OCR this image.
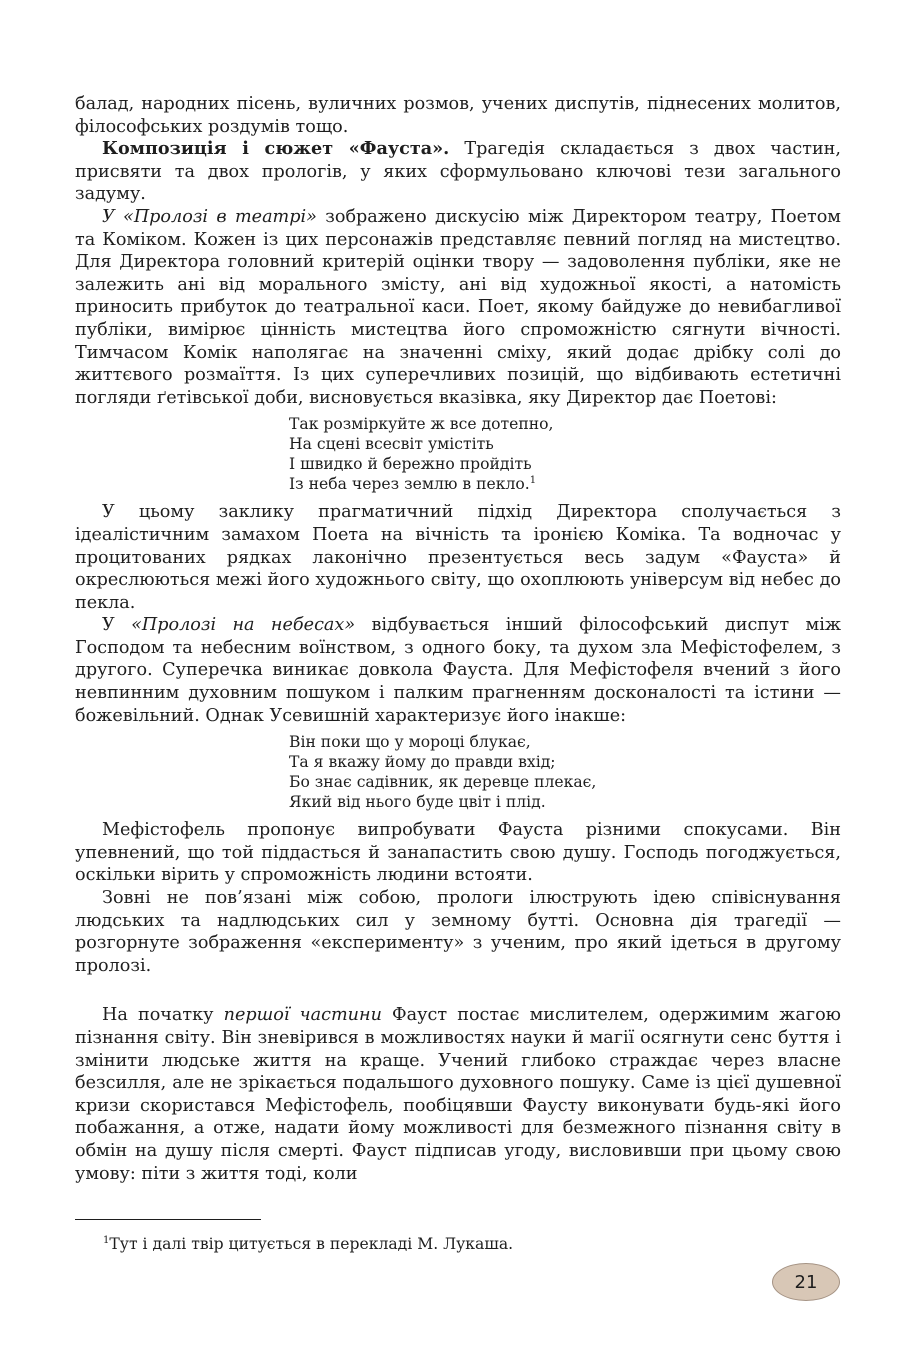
балад, народних пісень, вуличних розмов, учених диспутів, піднесених молитов, філософських роздумів тощо.

Композиція і сюжет «Фауста». Трагедія складається з двох частин, присвяти та двох прологів, у яких сформульовано ключові тези загального задуму.

У «Пролозі в театрі» зображено дискусію між Директором театру, Поетом та Коміком. Кожен із цих персонажів представляє певний погляд на мистецтво. Для Директора головний критерій оцінки твору — задоволення публіки, яке не залежить ані від морального змісту, ані від художньої якості, а натомість приносить прибуток до театральної каси. Поет, якому байдуже до невибагливої публіки, вимірює цінність мистецтва його спроможністю сягнути вічності. Тимчасом Комік наполягає на значенні сміху, який додає дрібку солі до життєвого розмаїття. Із цих суперечливих позицій, що відбивають естетичні погляди ґетівської доби, висновується вказівка, яку Директор дає Поетові:

Так розміркуйте ж все дотепно,
На сцені всесвіт умістіть
І швидко й бережно пройдіть
Із неба через землю в пекло.$^1$

У цьому заклику прагматичний підхід Директора сполучається з ідеалістичним замахом Поета на вічність та іронією Коміка. Та водночас у процитованих рядках лаконічно презентується весь задум «Фауста» й окреслюються межі його художнього світу, що охоплюють універсум від небес до пекла.

У «Пролозі на небесах» відбувається інший філософський диспут між Господом та небесним воїнством, з одного боку, та духом зла Мефістофелем, з другого. Суперечка виникає довкола Фауста. Для Мефістофеля вчений з його невпинним духовним пошуком і палким прагненням досконалості та істини — божевільний. Однак Усевишній характеризує його інакше:

Він поки що у мороці блукає,
Та я вкажу йому до правди вхід;
Бо знає садівник, як деревце плекає,
Який від нього буде цвіт і плід.

Мефістофель пропонує випробувати Фауста різними спокусами. Він упевнений, що той піддасться й занапастить свою душу. Господь погоджується, оскільки вірить у спроможність людини встояти.

Зовні не пов’язані між собою, прологи ілюструють ідею співіснування людських та надлюдських сил у земному бутті. Основна дія трагедії — розгорнуте зображення «експерименту» з ученим, про який ідеться в другому пролозі.

На початку першої частини Фауст постає мислителем, одержимим жагою пізнання світу. Він зневірився в можливостях науки й магії осягнути сенс буття і змінити людське життя на краще. Учений глибоко страждає через власне безсилля, але не зрікається подальшого духовного пошуку. Саме із цієї душевної кризи скористався Мефістофель, пообіцявши Фаусту виконувати будь-які його побажання, а отже, надати йому можливості для безмежного пізнання світу в обмін на душу після смерті. Фауст підписав угоду, висловивши при цьому свою умову: піти з життя тоді, коли

$^1$Тут і далі твір цитується в перекладі М. Лукаша.
21
